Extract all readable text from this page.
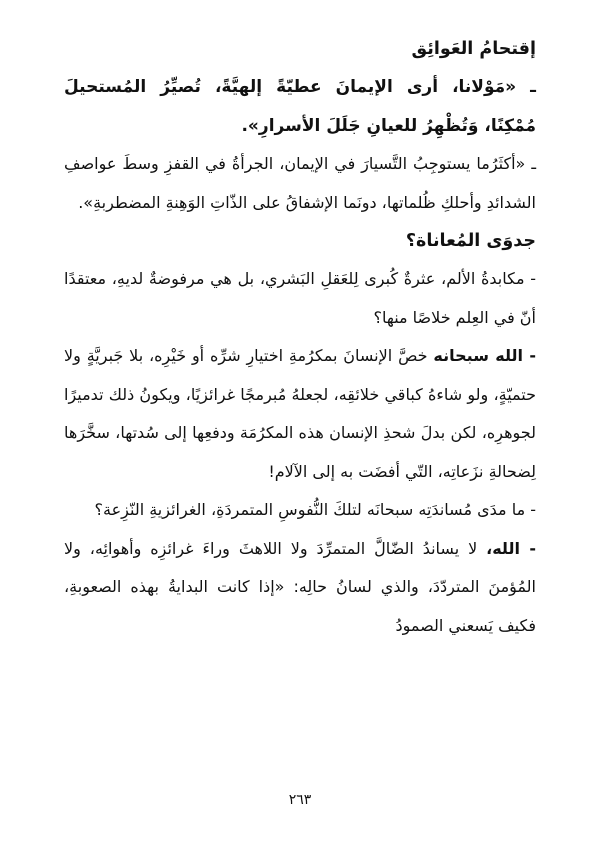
إقتحامُ العَوائِق

ـ «مَوْلانا، أرى الإيمانَ عطيّةً إلهيَّةً، تُصيِّرُ المُستحيلَ مُمْكِنًا، وَتُظْهِرُ للعيانِ جَلَلَ الأسرارِ».

ـ «أكثَرُما يستوجِبُ التَّسيارَ في الإيمان، الجرأةُ في القفزِ وسطَ عواصفِ الشدائدِ وأحلكِ ظُلماتها، دونَما الإشفاقُ على الذّاتِ الوَهِنةِ المضطربةِ».

جدوَى المُعاناة؟

- مكابدةُ الألم، عثرةٌ كُبرى لِلعَقلِ البَشري، بل هي مرفوضةٌ لديهِ، معتقدًا أنّ في العِلم خلاصًا منها؟

- الله سبحانه خصَّ الإنسانَ بمكرُمةِ اختيارِ شرِّه أو خَيْرِه، بلا جَبريَّةٍ ولا حتميّةٍ، ولو شاءهُ كباقي خلائقِه، لجعلهُ مُبرمجًا غرائزيًا، ويكونُ ذلك تدميرًا لجوهرِه، لكن بدلَ شحذِ الإنسان هذه المكرُمَة ودفعِها إلى سُدتها، سخَّرَها لِضحالةِ نزَعاتِه، التّي أفضَت به إلى الآلام!

- ما مدَى مُساندَتِه سبحانَه لتلكَ النُّفوسِ المتمردَةِ، الغرائزيةِ النّزِعة؟

- الله، لا يساندُ الضّالَّ المتمرِّدَ ولا اللاهثَ وراءَ غرائزِه وأهوائِه، ولا المُؤمنَ المتردّدَ، والذي لسانُ حالِه: «إذا كانت البدايةُ بهذه الصعوبةِ، فكيف يَسعني الصمودُ

٢٦٣
